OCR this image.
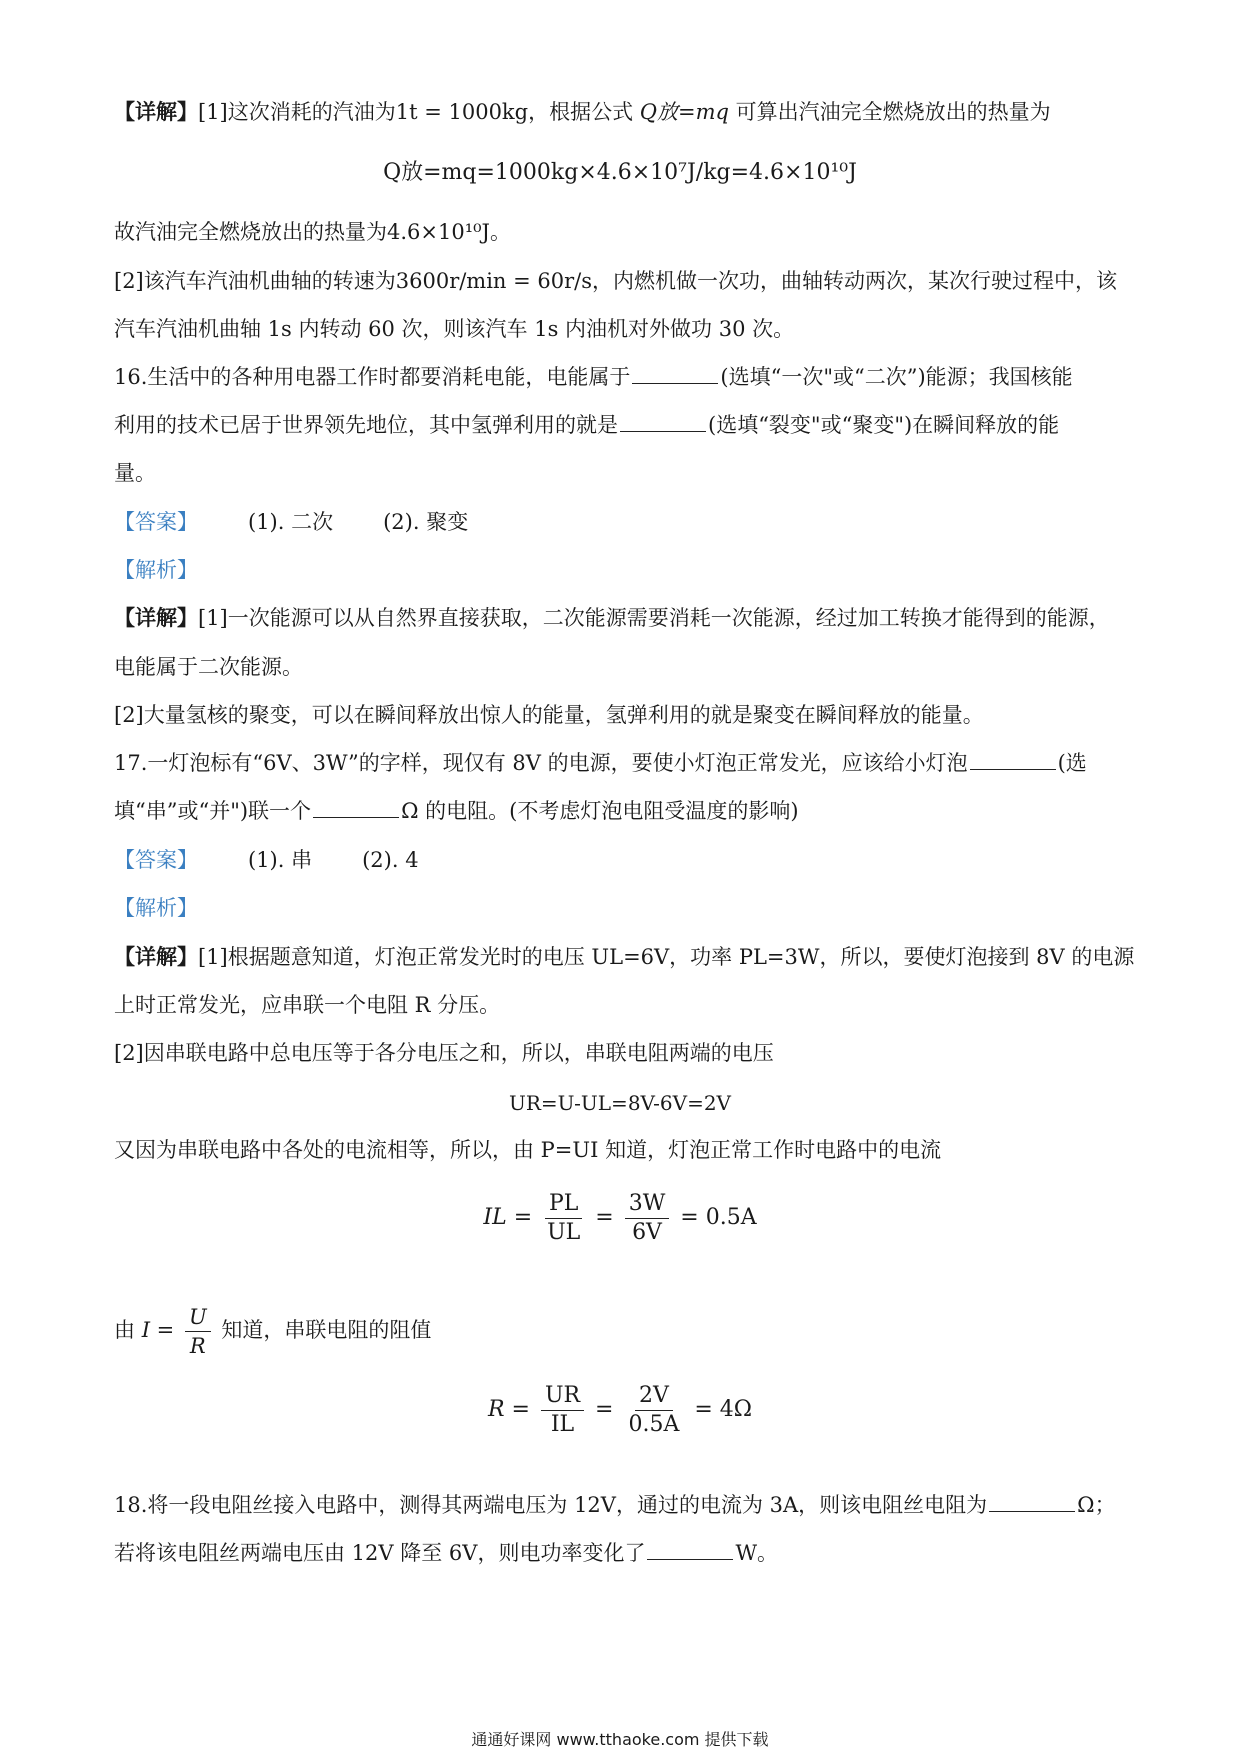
【详解】[1]这次消耗的汽油为1t = 1000kg，根据公式 Q放=mq 可算出汽油完全燃烧放出的热量为
Q放=mq=1000kg×4.6×10⁷J/kg=4.6×10¹⁰J
故汽油完全燃烧放出的热量为4.6×10¹⁰J。
[2]该汽车汽油机曲轴的转速为3600r/min = 60r/s，内燃机做一次功，曲轴转动两次，某次行驶过程中，该
汽车汽油机曲轴 1s 内转动 60 次，则该汽车 1s 内油机对外做功 30 次。
16.生活中的各种用电器工作时都要消耗电能，电能属于	(选填“一次"或“二次”)能源；我国核能
利用的技术已居于世界领先地位，其中氢弹利用的就是	(选填“裂变"或“聚变")在瞬间释放的能
量。
【答案】 (1). 二次 (2). 聚变
【解析】
【详解】[1]一次能源可以从自然界直接获取，二次能源需要消耗一次能源，经过加工转换才能得到的能源，
电能属于二次能源。
[2]大量氢核的聚变，可以在瞬间释放出惊人的能量，氢弹利用的就是聚变在瞬间释放的能量。
17.一灯泡标有“6V、3W”的字样，现仅有 8V 的电源，要使小灯泡正常发光，应该给小灯泡	(选
填“串”或“并")联一个	Ω 的电阻。(不考虑灯泡电阻受温度的影响)
【答案】 (1). 串 (2). 4
【解析】
【详解】[1]根据题意知道，灯泡正常发光时的电压 UL=6V，功率 PL=3W，所以，要使灯泡接到 8V 的电源
上时正常发光，应串联一个电阻 R 分压。
[2]因串联电路中总电压等于各分电压之和，所以，串联电阻两端的电压
UR=U-UL=8V-6V=2V
又因为串联电路中各处的电流相等，所以，由 P=UI 知道，灯泡正常工作时电路中的电流
IL = $\frac{PL}{UL} = \frac{3W}{6V} = 0.5A$
由 $I = \frac{U}{R}$ 知道，串联电阻的阻值
$R = \frac{UR}{IL} = \frac{2V}{0.5A} = 4\Omega$
18.将一段电阻丝接入电路中，测得其两端电压为 12V，通过的电流为 3A，则该电阻丝电阻为	Ω；
若将该电阻丝两端电压由 12V 降至 6V，则电功率变化了	W。
通通好课网 www.tthaoke.com 提供下载
